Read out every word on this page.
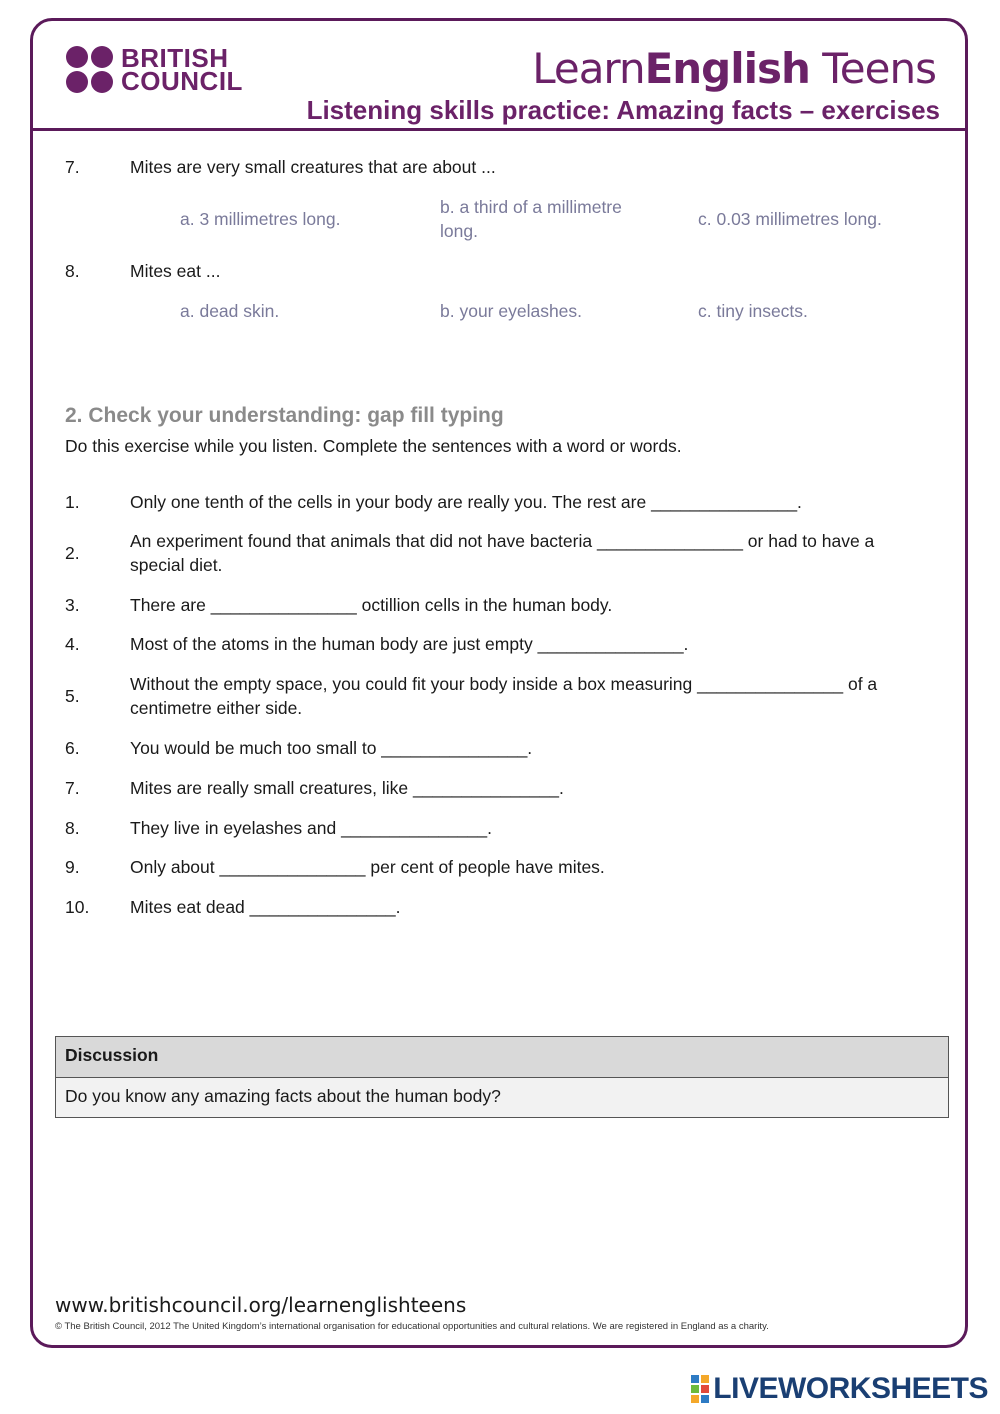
BRITISH
COUNCIL	LearnEnglish Teens
Listening skills practice: Amazing facts – exercises
7.	Mites are very small creatures that are about ...
a. 3 millimetres long.
b. a third of a millimetre long.
c. 0.03 millimetres long.
8.	Mites eat ...
a. dead skin.	b. your eyelashes.	c. tiny insects.
2. Check your understanding: gap fill typing
Do this exercise while you listen. Complete the sentences with a word or words.
1.	Only one tenth of the cells in your body are really you. The rest are _______________.
2.
An experiment found that animals that did not have bacteria _______________ or had to have a special diet.
3.	There are _______________ octillion cells in the human body.
4.	Most of the atoms in the human body are just empty _______________.
5.
Without the empty space, you could fit your body inside a box measuring _______________ of a centimetre either side.
6.	You would be much too small to _______________.
7.	Mites are really small creatures, like _______________.
8.	They live in eyelashes and _______________.
9.	Only about _______________ per cent of people have mites.
10.	Mites eat dead _______________.
Discussion
Do you know any amazing facts about the human body?
www.britishcouncil.org/learnenglishteens
© The British Council, 2012 The United Kingdom’s international organisation for educational opportunities and cultural relations. We are registered in England as a charity.
LIVEWORKSHEETS
